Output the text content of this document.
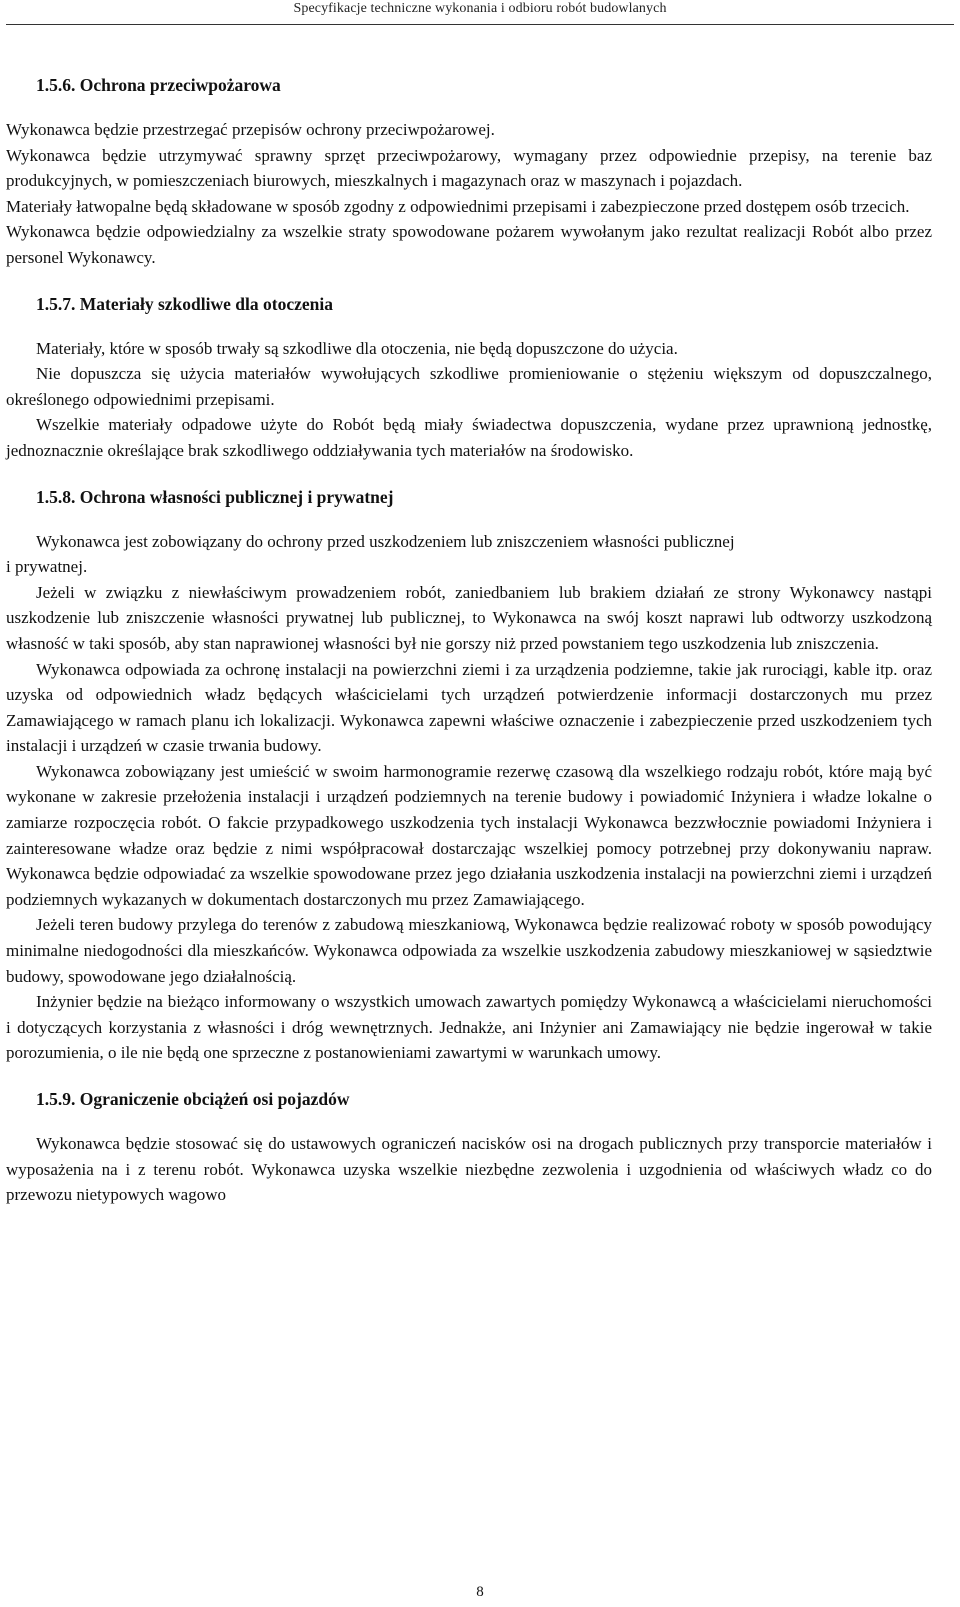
Specyfikacje techniczne wykonania i odbioru robót budowlanych
1.5.6. Ochrona przeciwpożarowa

Wykonawca będzie przestrzegać przepisów ochrony przeciwpożarowej.

Wykonawca będzie utrzymywać sprawny sprzęt przeciwpożarowy, wymagany przez odpowiednie przepisy, na terenie baz produkcyjnych, w pomieszczeniach biurowych, mieszkalnych i magazynach oraz w maszynach i pojazdach.

Materiały łatwopalne będą składowane w sposób zgodny z odpowiednimi przepisami i zabezpieczone przed dostępem osób trzecich.

Wykonawca będzie odpowiedzialny za wszelkie straty spowodowane pożarem wywołanym jako rezultat realizacji Robót albo przez personel Wykonawcy.

1.5.7. Materiały szkodliwe dla otoczenia

Materiały, które w sposób trwały są szkodliwe dla otoczenia, nie będą dopuszczone do użycia.

Nie dopuszcza się użycia materiałów wywołujących szkodliwe promieniowanie o stężeniu większym od dopuszczalnego, określonego odpowiednimi przepisami.

Wszelkie materiały odpadowe użyte do Robót będą miały świadectwa dopuszczenia, wydane przez uprawnioną jednostkę, jednoznacznie określające brak szkodliwego oddziaływania tych materiałów na środowisko.

1.5.8. Ochrona własności publicznej i prywatnej

Wykonawca jest zobowiązany do ochrony przed uszkodzeniem lub zniszczeniem własności publicznej

i prywatnej.

Jeżeli w związku z niewłaściwym prowadzeniem robót, zaniedbaniem lub brakiem działań ze strony Wykonawcy nastąpi uszkodzenie lub zniszczenie własności prywatnej lub publicznej, to Wykonawca na swój koszt naprawi lub odtworzy uszkodzoną własność w taki sposób, aby stan naprawionej własności był nie gorszy niż przed powstaniem tego uszkodzenia lub zniszczenia.

Wykonawca odpowiada za ochronę instalacji na powierzchni ziemi i za urządzenia podziemne, takie jak rurociągi, kable itp. oraz uzyska od odpowiednich władz będących właścicielami tych urządzeń potwierdzenie informacji dostarczonych mu przez Zamawiającego w ramach planu ich lokalizacji. Wykonawca zapewni właściwe oznaczenie i zabezpieczenie przed uszkodzeniem tych instalacji i urządzeń w czasie trwania budowy.

Wykonawca zobowiązany jest umieścić w swoim harmonogramie rezerwę czasową dla wszelkiego rodzaju robót, które mają być wykonane w zakresie przełożenia instalacji i urządzeń podziemnych na terenie budowy i powiadomić Inżyniera i władze lokalne o zamiarze rozpoczęcia robót. O fakcie przypadkowego uszkodzenia tych instalacji Wykonawca bezzwłocznie powiadomi Inżyniera i zainteresowane władze oraz będzie z nimi współpracował dostarczając wszelkiej pomocy potrzebnej przy dokonywaniu napraw. Wykonawca będzie odpowiadać za wszelkie spowodowane przez jego działania uszkodzenia instalacji na powierzchni ziemi i urządzeń podziemnych wykazanych w dokumentach dostarczonych mu przez Zamawiającego.

Jeżeli teren budowy przylega do terenów z zabudową mieszkaniową, Wykonawca będzie realizować roboty w sposób powodujący minimalne niedogodności dla mieszkańców. Wykonawca odpowiada za wszelkie uszkodzenia zabudowy mieszkaniowej w sąsiedztwie budowy, spowodowane jego działalnością.

Inżynier będzie na bieżąco informowany o wszystkich umowach zawartych pomiędzy Wykonawcą a właścicielami nieruchomości i dotyczących korzystania z własności i dróg wewnętrznych. Jednakże, ani Inżynier ani Zamawiający nie będzie ingerował w takie porozumienia, o ile nie będą one sprzeczne z postanowieniami zawartymi w warunkach umowy.

1.5.9. Ograniczenie obciążeń osi pojazdów

Wykonawca będzie stosować się do ustawowych ograniczeń nacisków osi na drogach publicznych przy transporcie materiałów i wyposażenia na i z terenu robót. Wykonawca uzyska wszelkie niezbędne zezwolenia i uzgodnienia od właściwych władz co do przewozu nietypowych wagowo

8
